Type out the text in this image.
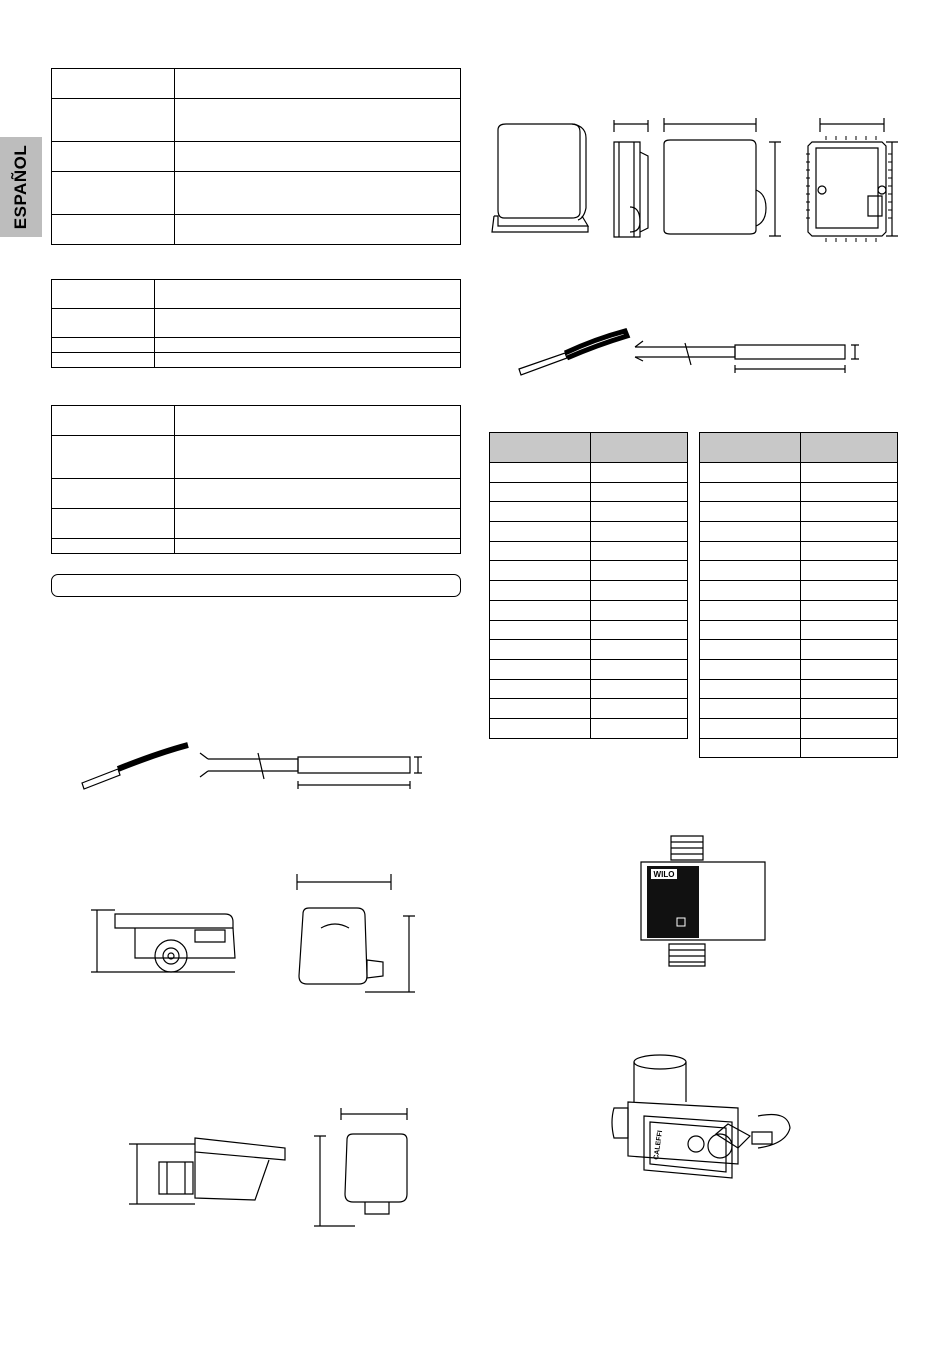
ESPAÑOL

WILO
CALEFFI
